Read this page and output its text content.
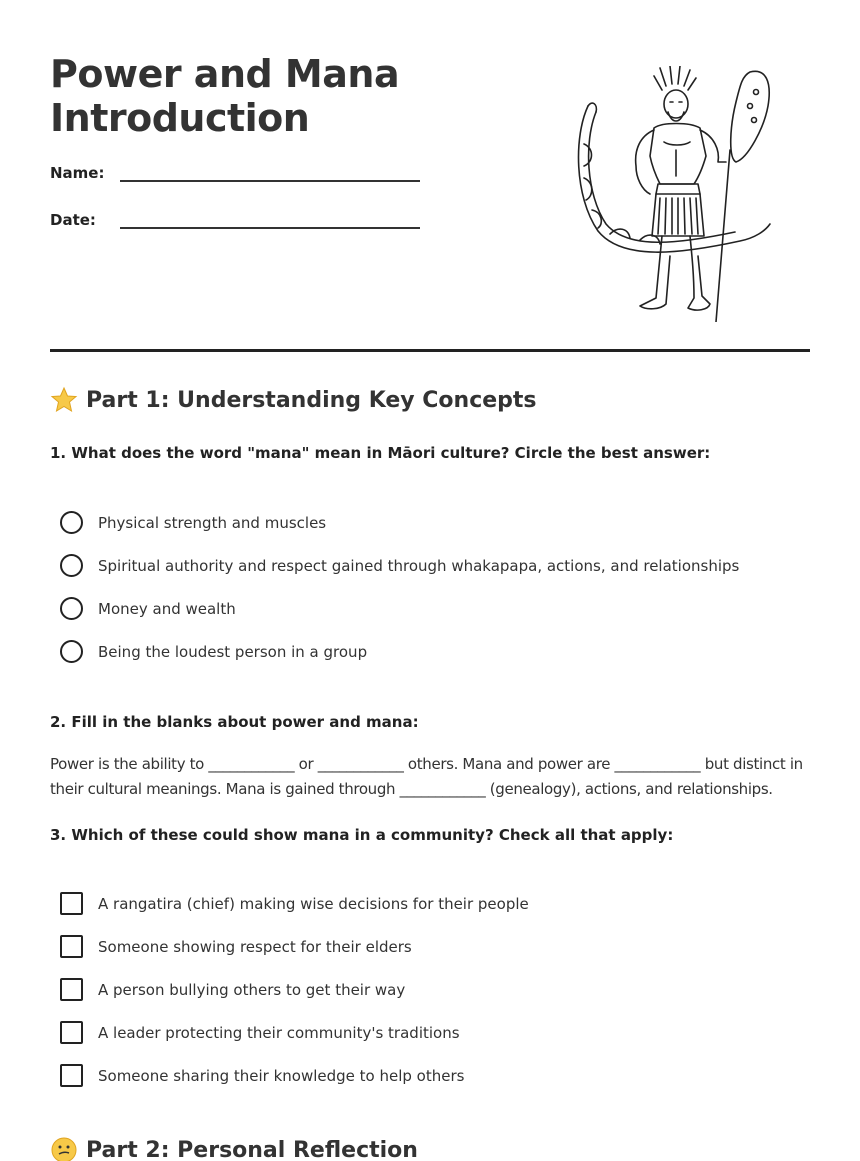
Power and Mana
Introduction
Name:
Date:
Part 1: Understanding Key Concepts
1. What does the word "mana" mean in Māori culture? Circle the best answer:
Physical strength and muscles
Spiritual authority and respect gained through whakapapa, actions, and relationships
Money and wealth
Being the loudest person in a group
2. Fill in the blanks about power and mana:
Power is the ability to ____________ or ____________ others. Mana and power are ____________ but distinct in
their cultural meanings. Mana is gained through ____________ (genealogy), actions, and relationships.
3. Which of these could show mana in a community? Check all that apply:
A rangatira (chief) making wise decisions for their people
Someone showing respect for their elders
A person bullying others to get their way
A leader protecting their community's traditions
Someone sharing their knowledge to help others
Part 2: Personal Reflection
